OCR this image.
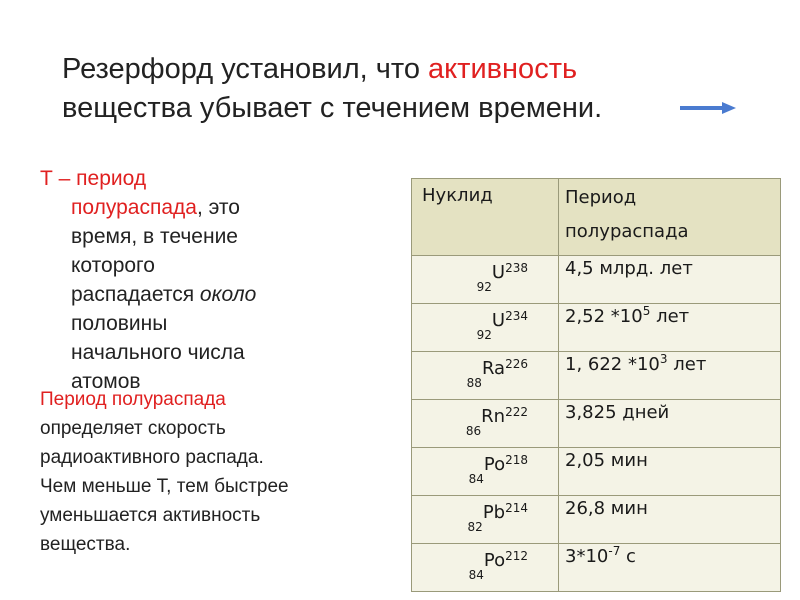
Резерфорд установил, что активность
вещества убывает с течением времени.
Т – период
полураспада, это
время, в течение
которого
распадается около
половины
начального числа
атомов
Период полураспада
определяет скорость
радиоактивного распада.
Чем меньше Т, тем быстрее
уменьшается активность
вещества.
Нуклид	Период
полураспада
$_{92}U^{238}$	4,5 млрд. лет
$_{92}U^{234}$	2,52 $*10^5$ лет
$_{88}Ra^{226}$	1, 622 $*10^3$ лет
$_{86}Rn^{222}$	3,825 дней
$_{84}Po^{218}$	2,05 мин
$_{82}Pb^{214}$	26,8 мин
$_{84}Po^{212}$	$3*10^{-7}$ с
